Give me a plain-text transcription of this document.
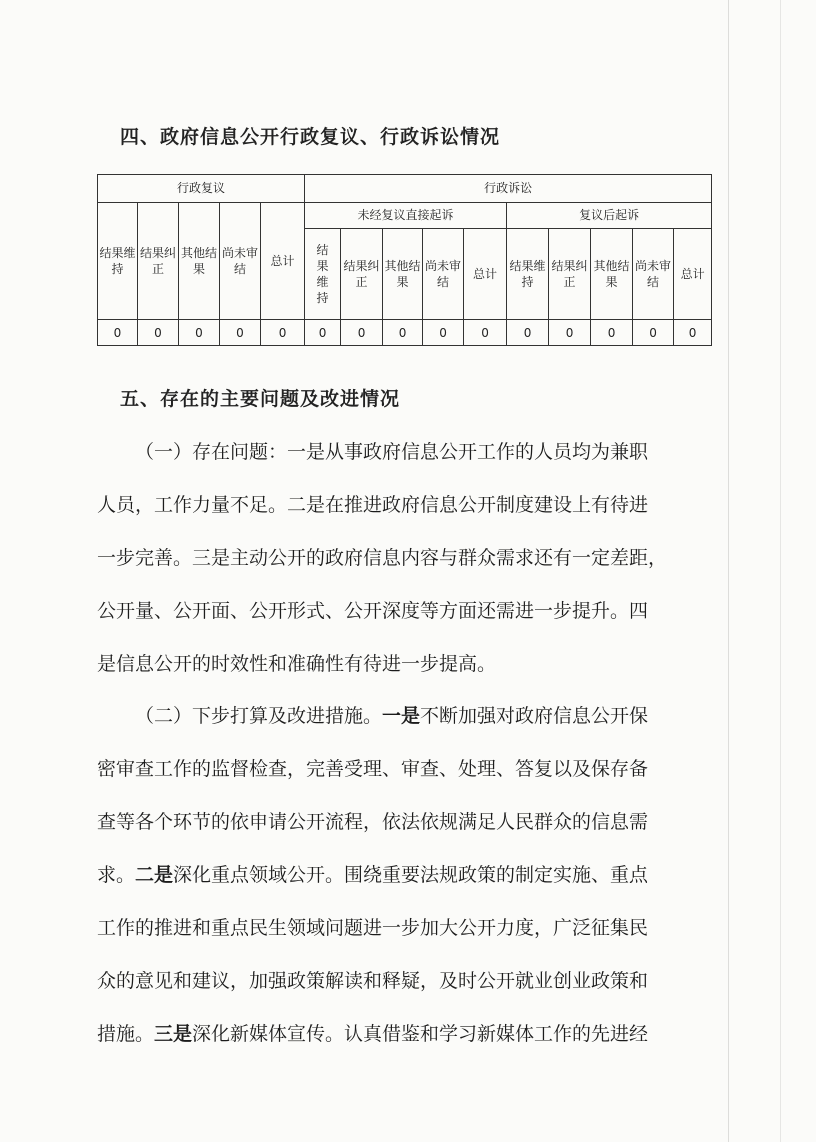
四、政府信息公开行政复议、行政诉讼情况
行政复议					行政诉讼									
结果维持	结果纠正	其他结果	尚未审结	总计	未经复议直接起诉					复议后起诉				
					结果维持	结果纠正	其他结果	尚未审结	总计	结果维持	结果纠正	其他结果	尚未审结	总计
0	0	0	0	0	0	0	0	0	0	0	0	0	0	0
五、存在的主要问题及改进情况
（一）存在问题：一是从事政府信息公开工作的人员均为兼职
人员，工作力量不足。二是在推进政府信息公开制度建设上有待进
一步完善。三是主动公开的政府信息内容与群众需求还有一定差距，
公开量、公开面、公开形式、公开深度等方面还需进一步提升。四
是信息公开的时效性和准确性有待进一步提高。
（二）下步打算及改进措施。一是不断加强对政府信息公开保
密审查工作的监督检查，完善受理、审查、处理、答复以及保存备
查等各个环节的依申请公开流程，依法依规满足人民群众的信息需
求。二是深化重点领域公开。围绕重要法规政策的制定实施、重点
工作的推进和重点民生领域问题进一步加大公开力度，广泛征集民
众的意见和建议，加强政策解读和释疑，及时公开就业创业政策和
措施。三是深化新媒体宣传。认真借鉴和学习新媒体工作的先进经
